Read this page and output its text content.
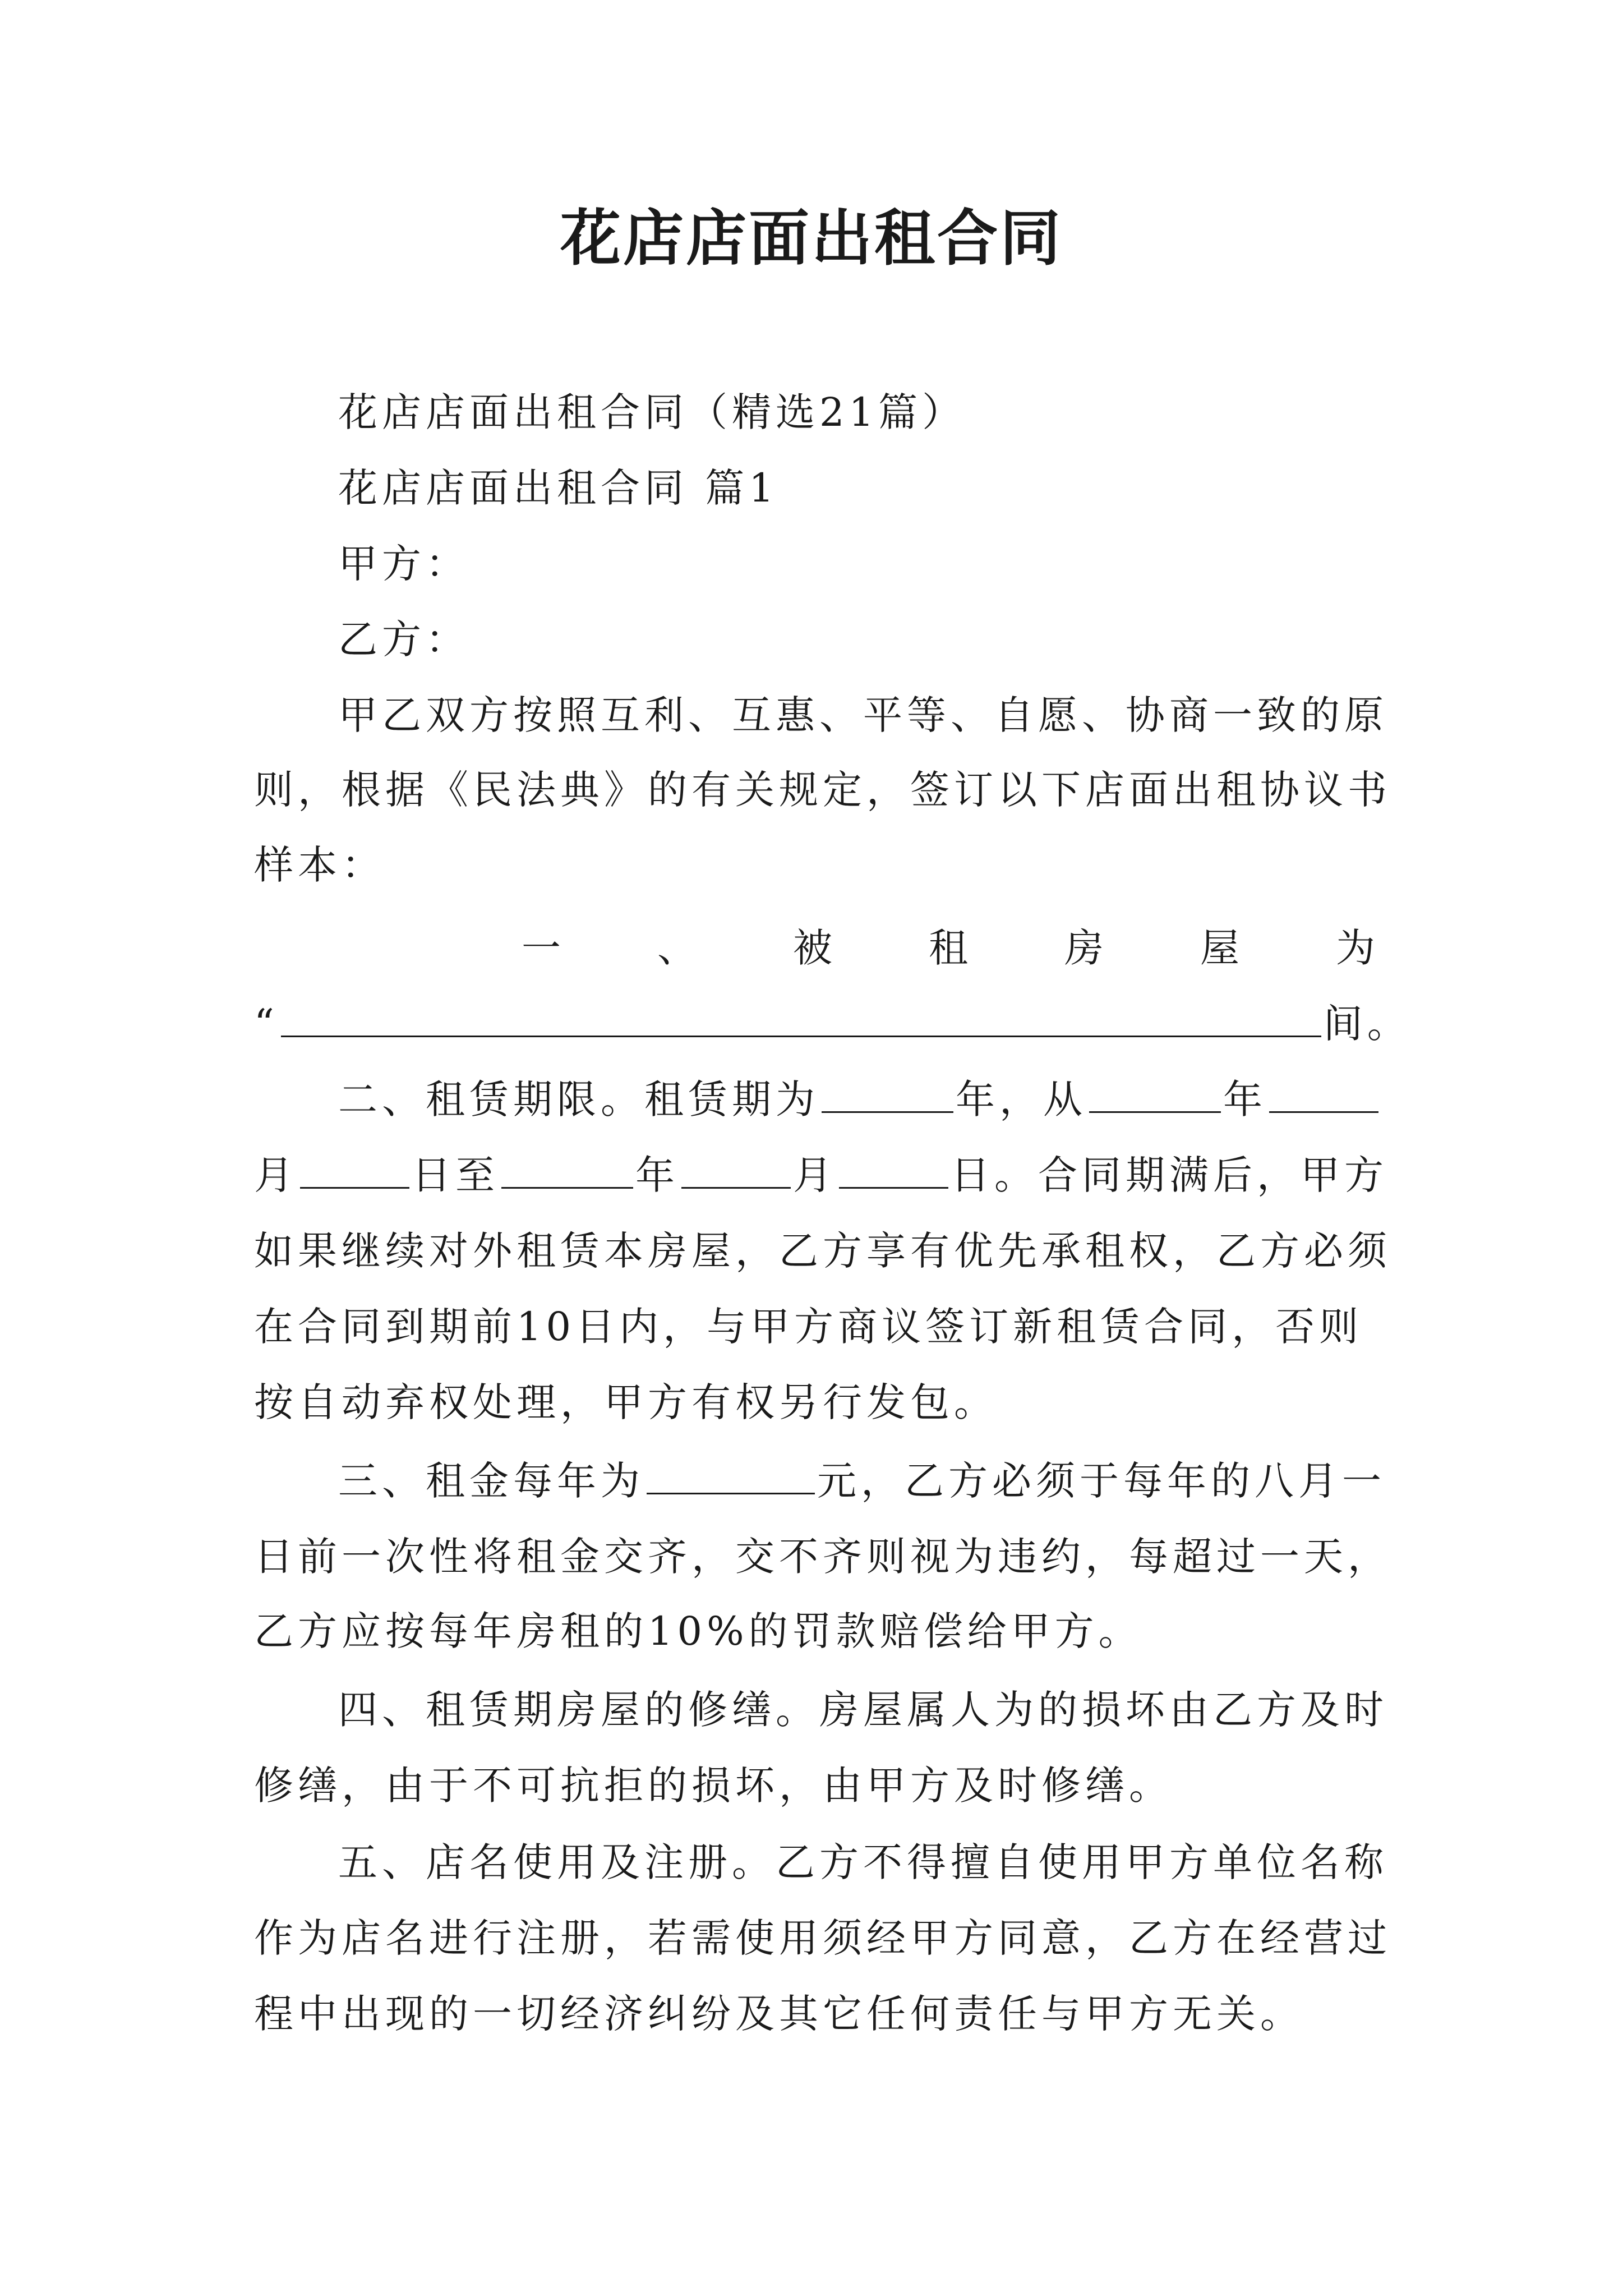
花店店面出租合同
花店店面出租合同（精选21篇）
花店店面出租合同 篇1
甲方：
乙方：
甲乙双方按照互利、互惠、平等、自愿、协商一致的原
则，根据《民法典》的有关规定，签订以下店面出租协议书
样本：
一 、 被 租 房 屋 为
“	间。
二、租赁期限。租赁期为	年，从	年
月	日至	年	月	日。合同期满后，甲方
如果继续对外租赁本房屋，乙方享有优先承租权，乙方必须
在合同到期前10日内，与甲方商议签订新租赁合同，否则
按自动弃权处理，甲方有权另行发包。
三、租金每年为	元，乙方必须于每年的八月一
日前一次性将租金交齐，交不齐则视为违约，每超过一天，
乙方应按每年房租的10%的罚款赔偿给甲方。
四、租赁期房屋的修缮。房屋属人为的损坏由乙方及时
修缮，由于不可抗拒的损坏，由甲方及时修缮。
五、店名使用及注册。乙方不得擅自使用甲方单位名称
作为店名进行注册，若需使用须经甲方同意，乙方在经营过
程中出现的一切经济纠纷及其它任何责任与甲方无关。
